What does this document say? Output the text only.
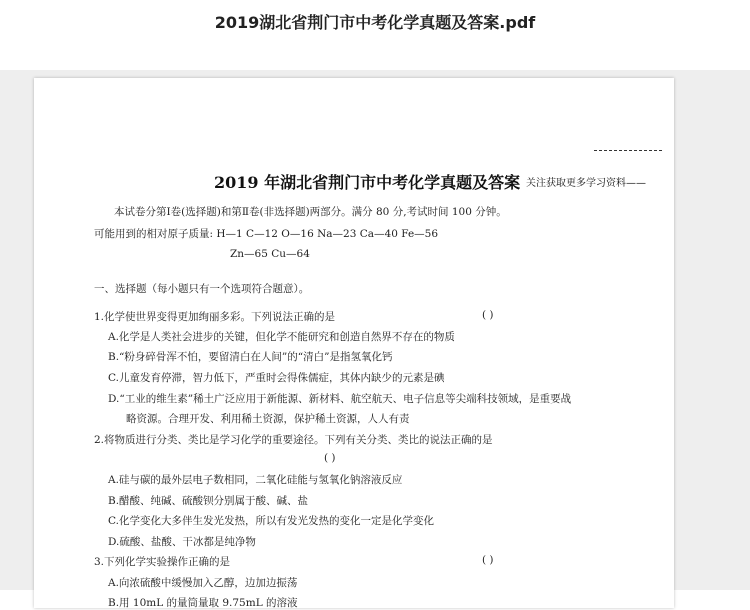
2019湖北省荆门市中考化学真题及答案.pdf
2019 年湖北省荆门市中考化学真题及答案 关注获取更多学习资料——
本试卷分第Ⅰ卷(选择题)和第Ⅱ卷(非选择题)两部分。满分 80 分,考试时间 100 分钟。
可能用到的相对原子质量: H—1 C—12 O—16 Na—23 Ca—40 Fe—56
Zn—65 Cu—64
一、选择题（每小题只有一个选项符合题意）。
1.化学使世界变得更加绚丽多彩。下列说法正确的是	( )
A.化学是人类社会进步的关键，但化学不能研究和创造自然界不存在的物质
B.“粉身碎骨浑不怕，要留清白在人间”的“清白”是指氢氧化钙
C.儿童发育停滞，智力低下，严重时会得侏儒症，其体内缺少的元素是碘
D.“工业的维生素”稀土广泛应用于新能源、新材料、航空航天、电子信息等尖端科技领域，是重要战
略资源。合理开发、利用稀土资源，保护稀土资源，人人有责
2.将物质进行分类、类比是学习化学的重要途径。下列有关分类、类比的说法正确的是
( )
A.硅与碳的最外层电子数相同，二氧化硅能与氢氧化钠溶液反应
B.醋酸、纯碱、硫酸钡分别属于酸、碱、盐
C.化学变化大多伴生发光发热，所以有发光发热的变化一定是化学变化
D.硫酸、盐酸、干冰都是纯净物
3.下列化学实验操作正确的是	( )
A.向浓硫酸中缓慢加入乙醇，边加边振荡
B.用 10mL 的量筒量取 9.75mL 的溶液
